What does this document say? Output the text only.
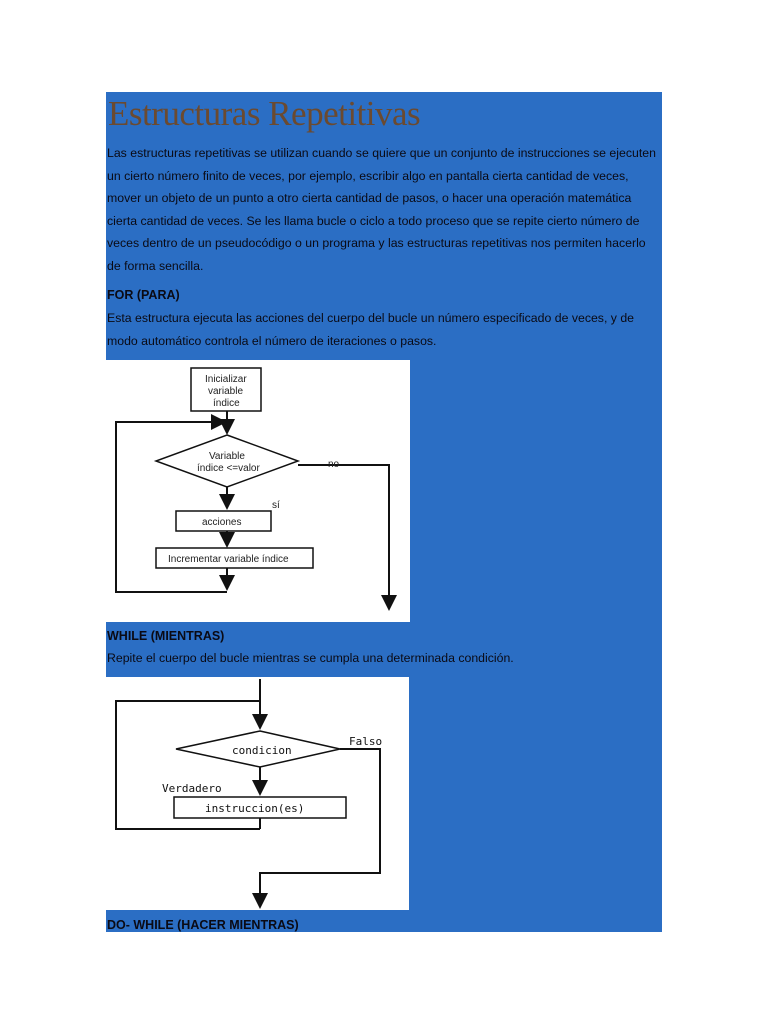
Estructuras Repetitivas
Las estructuras repetitivas se utilizan cuando se quiere que un conjunto de instrucciones se ejecuten un cierto número finito de veces, por ejemplo, escribir algo en pantalla cierta cantidad de veces, mover un objeto de un punto a otro cierta cantidad de pasos, o hacer una operación matemática cierta cantidad de veces. Se les llama bucle o ciclo a todo proceso que se repite cierto número de veces dentro de un pseudocódigo o un programa y las estructuras repetitivas nos permiten hacerlo de forma sencilla.
FOR (PARA)
Esta estructura ejecuta las acciones del cuerpo del bucle un número especificado de veces, y de modo automático controla el número de iteraciones o pasos.
Inicializar
variable
índice
Variable
índice <=valor	no
sí
acciones
Incrementar variable índice
WHILE (MIENTRAS)
Repite el cuerpo del bucle mientras se cumpla una determinada condición.
condicion
Falso
Verdadero
instruccion(es)
DO- WHILE (HACER MIENTRAS)
